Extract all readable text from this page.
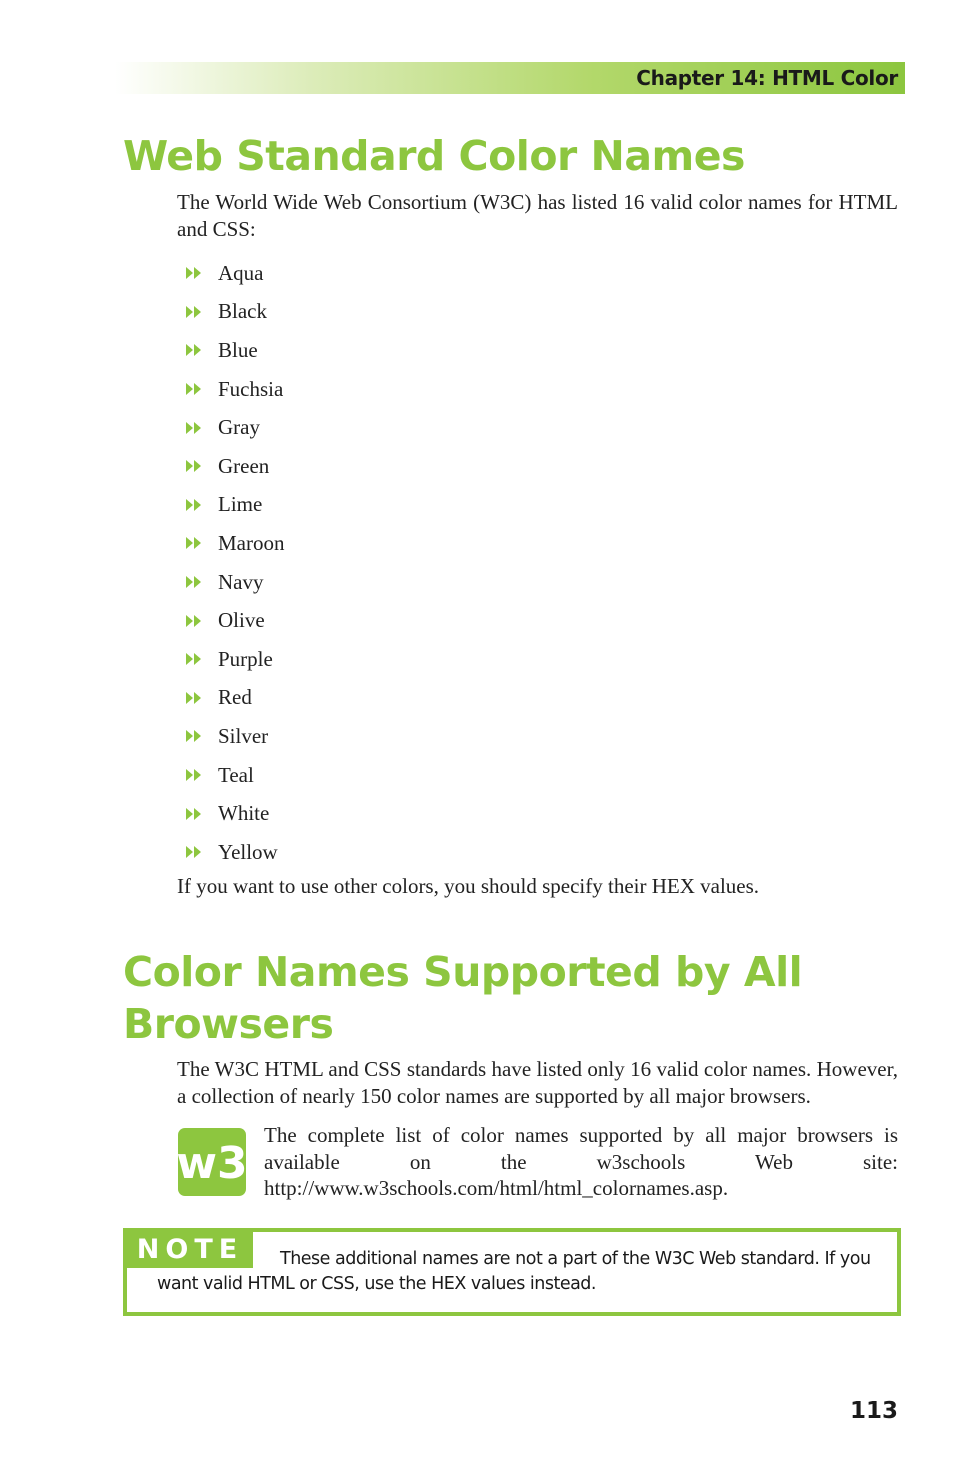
Chapter 14: HTML Color
Web Standard Color Names

The World Wide Web Consortium (W3C) has listed 16 valid color names for HTML and CSS:

Aqua
Black
Blue
Fuchsia
Gray
Green
Lime
Maroon
Navy
Olive
Purple
Red
Silver
Teal
White
Yellow

If you want to use other colors, you should specify their HEX values.

Color Names Supported by All
Browsers

The W3C HTML and CSS standards have listed only 16 valid color names. However, a collection of nearly 150 color names are supported by all major browsers.

w3

The complete list of color names supported by all major browsers is available on the w3schools Web site: http://www.w3schools.com/html/html_colornames.asp.

NOTE	These additional names are not a part of the W3C Web standard. If you want valid HTML or CSS, use the HEX values instead.

113
